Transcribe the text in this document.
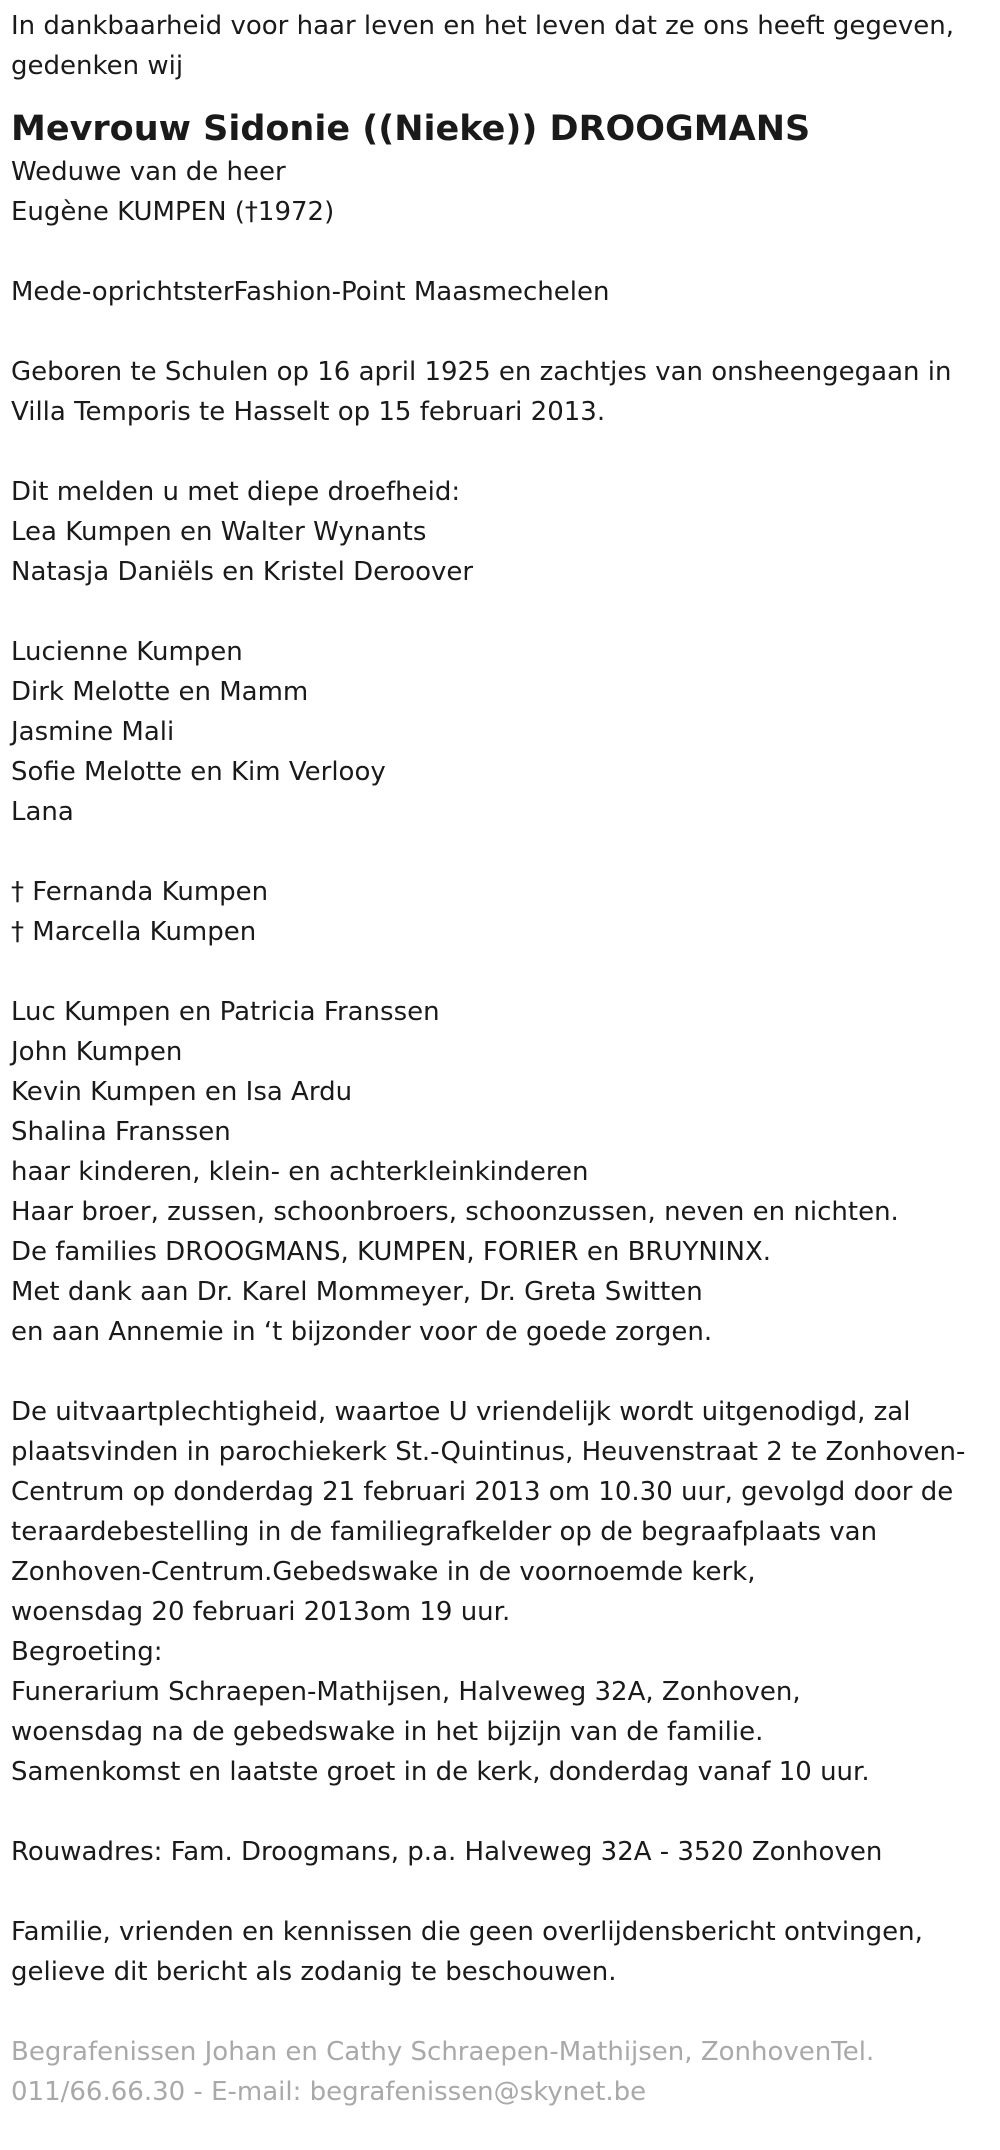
In dankbaarheid voor haar leven en het leven dat ze ons heeft gegeven,
gedenken wij
Mevrouw Sidonie ((Nieke)) DROOGMANS
Weduwe van de heer
Eugène KUMPEN (†1972)
Mede-oprichtsterFashion-Point Maasmechelen
Geboren te Schulen op 16 april 1925 en zachtjes van onsheengegaan in
Villa Temporis te Hasselt op 15 februari 2013.
Dit melden u met diepe droefheid:
Lea Kumpen en Walter Wynants
Natasja Daniëls en Kristel Deroover
Lucienne Kumpen
Dirk Melotte en Mamm
Jasmine Mali
Sofie Melotte en Kim Verlooy
Lana
† Fernanda Kumpen
† Marcella Kumpen
Luc Kumpen en Patricia Franssen
John Kumpen
Kevin Kumpen en Isa Ardu
Shalina Franssen
haar kinderen, klein- en achterkleinkinderen
Haar broer, zussen, schoonbroers, schoonzussen, neven en nichten.
De families DROOGMANS, KUMPEN, FORIER en BRUYNINX.
Met dank aan Dr. Karel Mommeyer, Dr. Greta Switten
en aan Annemie in ‘t bijzonder voor de goede zorgen.
De uitvaartplechtigheid, waartoe U vriendelijk wordt uitgenodigd, zal
plaatsvinden in parochiekerk St.-Quintinus, Heuvenstraat 2 te Zonhoven-
Centrum op donderdag 21 februari 2013 om 10.30 uur, gevolgd door de
teraardebestelling in de familiegrafkelder op de begraafplaats van
Zonhoven-Centrum.Gebedswake in de voornoemde kerk,
woensdag 20 februari 2013om 19 uur.
Begroeting:
Funerarium Schraepen-Mathijsen, Halveweg 32A, Zonhoven,
woensdag na de gebedswake in het bijzijn van de familie.
Samenkomst en laatste groet in de kerk, donderdag vanaf 10 uur.
Rouwadres: Fam. Droogmans, p.a. Halveweg 32A - 3520 Zonhoven
Familie, vrienden en kennissen die geen overlijdensbericht ontvingen,
gelieve dit bericht als zodanig te beschouwen.
Begrafenissen Johan en Cathy Schraepen-Mathijsen, ZonhovenTel.
011/66.66.30 - E-mail: begrafenissen@skynet.be
